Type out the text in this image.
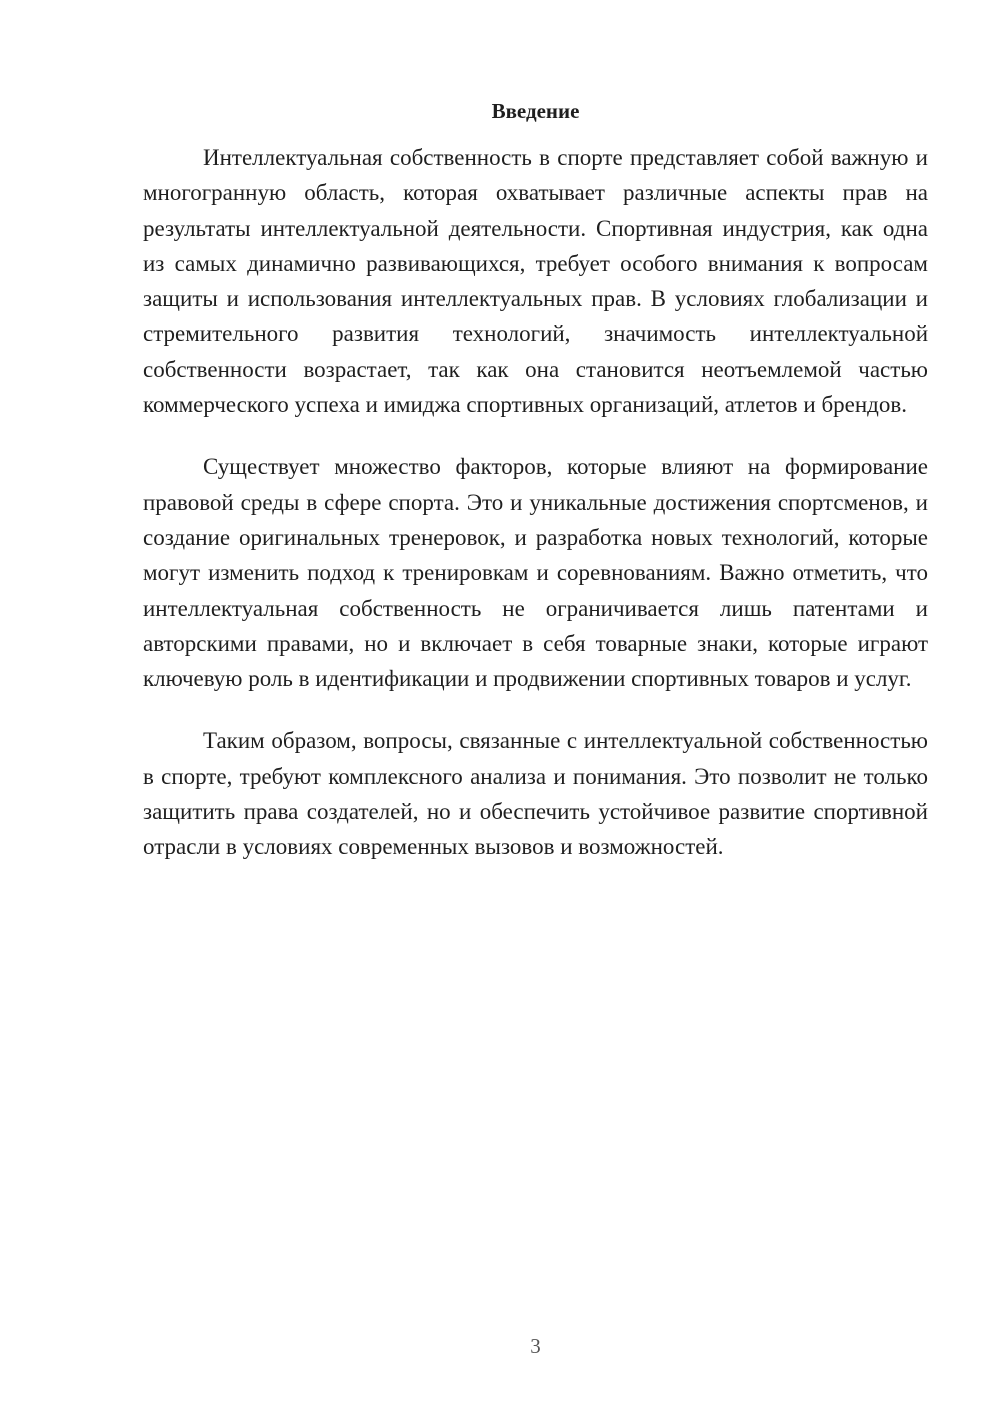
Введение

Интеллектуальная собственность в спорте представляет собой важную и многогранную область, которая охватывает различные аспекты прав на результаты интеллектуальной деятельности. Спортивная индустрия, как одна из самых динамично развивающихся, требует особого внимания к вопросам защиты и использования интеллектуальных прав. В условиях глобализации и стремительного развития технологий, значимость интеллектуальной собственности возрастает, так как она становится неотъемлемой частью коммерческого успеха и имиджа спортивных организаций, атлетов и брендов.

Существует множество факторов, которые влияют на формирование правовой среды в сфере спорта. Это и уникальные достижения спортсменов, и создание оригинальных тренеровок, и разработка новых технологий, которые могут изменить подход к тренировкам и соревнованиям. Важно отметить, что интеллектуальная собственность не ограничивается лишь патентами и авторскими правами, но и включает в себя товарные знаки, которые играют ключевую роль в идентификации и продвижении спортивных товаров и услуг.

Таким образом, вопросы, связанные с интеллектуальной собственностью в спорте, требуют комплексного анализа и понимания. Это позволит не только защитить права создателей, но и обеспечить устойчивое развитие спортивной отрасли в условиях современных вызовов и возможностей.

3
